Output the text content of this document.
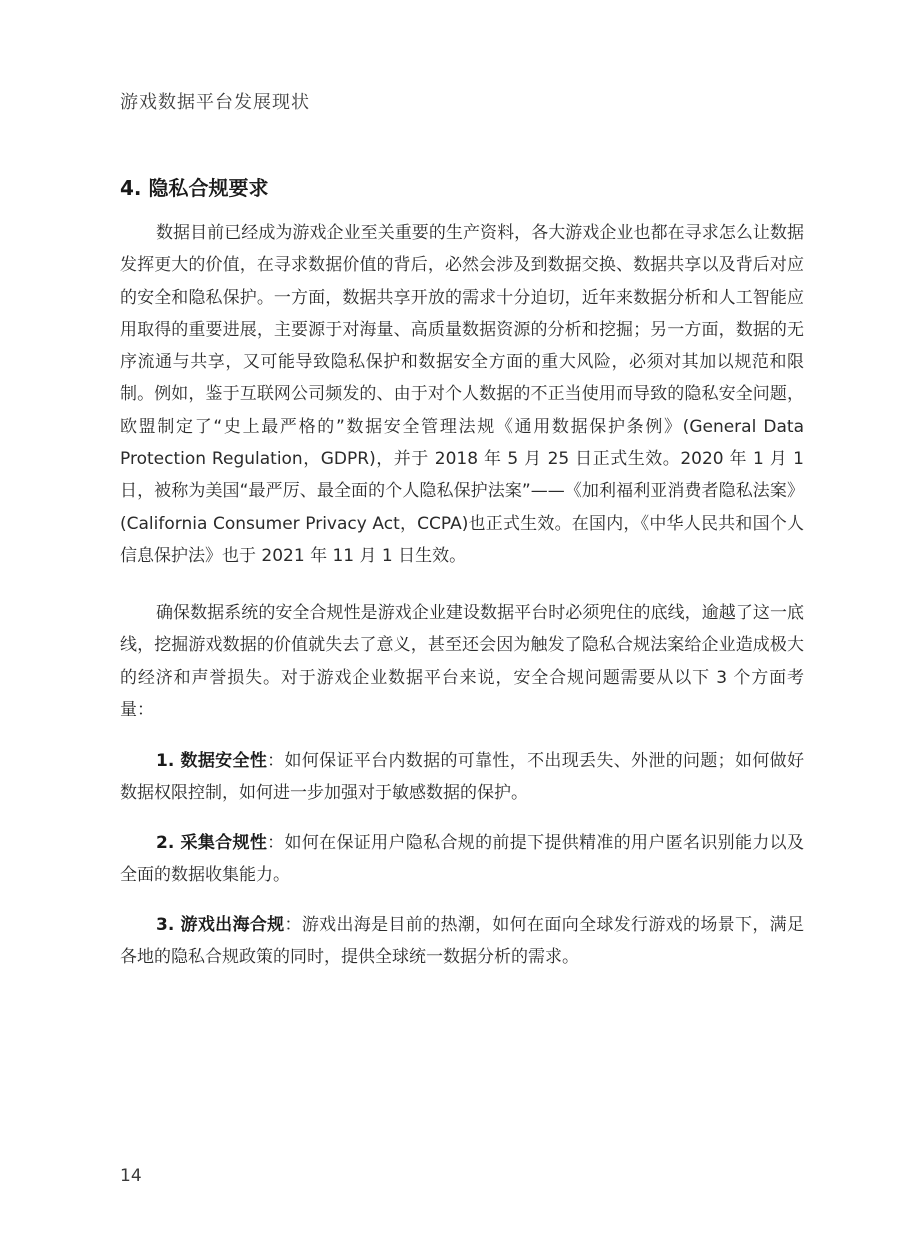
游戏数据平台发展现状
4. 隐私合规要求

数据目前已经成为游戏企业至关重要的生产资料，各大游戏企业也都在寻求怎么让数据发挥更大的价值，在寻求数据价值的背后，必然会涉及到数据交换、数据共享以及背后对应的安全和隐私保护。一方面，数据共享开放的需求十分迫切，近年来数据分析和人工智能应用取得的重要进展，主要源于对海量、高质量数据资源的分析和挖掘；另一方面，数据的无序流通与共享，又可能导致隐私保护和数据安全方面的重大风险，必须对其加以规范和限制。例如，鉴于互联网公司频发的、由于对个人数据的不正当使用而导致的隐私安全问题，欧盟制定了“史上最严格的”数据安全管理法规《通用数据保护条例》(General Data Protection Regulation，GDPR)，并于 2018 年 5 月 25 日正式生效。2020 年 1 月 1 日，被称为美国“最严厉、最全面的个人隐私保护法案”——《加利福利亚消费者隐私法案》(California Consumer Privacy Act，CCPA)也正式生效。在国内，《中华人民共和国个人信息保护法》也于 2021 年 11 月 1 日生效。

确保数据系统的安全合规性是游戏企业建设数据平台时必须兜住的底线，逾越了这一底线，挖掘游戏数据的价值就失去了意义，甚至还会因为触发了隐私合规法案给企业造成极大的经济和声誉损失。对于游戏企业数据平台来说，安全合规问题需要从以下 3 个方面考量：

1. 数据安全性：如何保证平台内数据的可靠性，不出现丢失、外泄的问题；如何做好数据权限控制，如何进一步加强对于敏感数据的保护。

2. 采集合规性：如何在保证用户隐私合规的前提下提供精准的用户匿名识别能力以及全面的数据收集能力。

3. 游戏出海合规：游戏出海是目前的热潮，如何在面向全球发行游戏的场景下，满足各地的隐私合规政策的同时，提供全球统一数据分析的需求。

14
